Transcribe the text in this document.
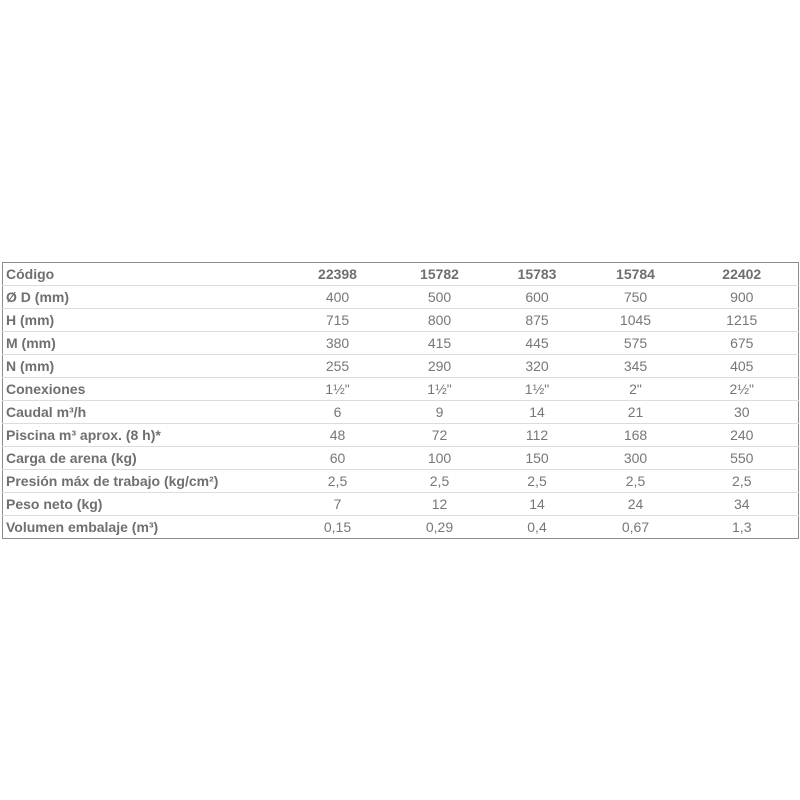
Código	22398	15782	15783	15784	22402
Ø D (mm)	400	500	600	750	900
H (mm)	715	800	875	1045	1215
M (mm)	380	415	445	575	675
N (mm)	255	290	320	345	405
Conexiones	1½"	1½"	1½"	2"	2½"
Caudal m³/h	6	9	14	21	30
Piscina m³ aprox. (8 h)*	48	72	112	168	240
Carga de arena (kg)	60	100	150	300	550
Presión máx de trabajo (kg/cm²)	2,5	2,5	2,5	2,5	2,5
Peso neto (kg)	7	12	14	24	34
Volumen embalaje (m³)	0,15	0,29	0,4	0,67	1,3
